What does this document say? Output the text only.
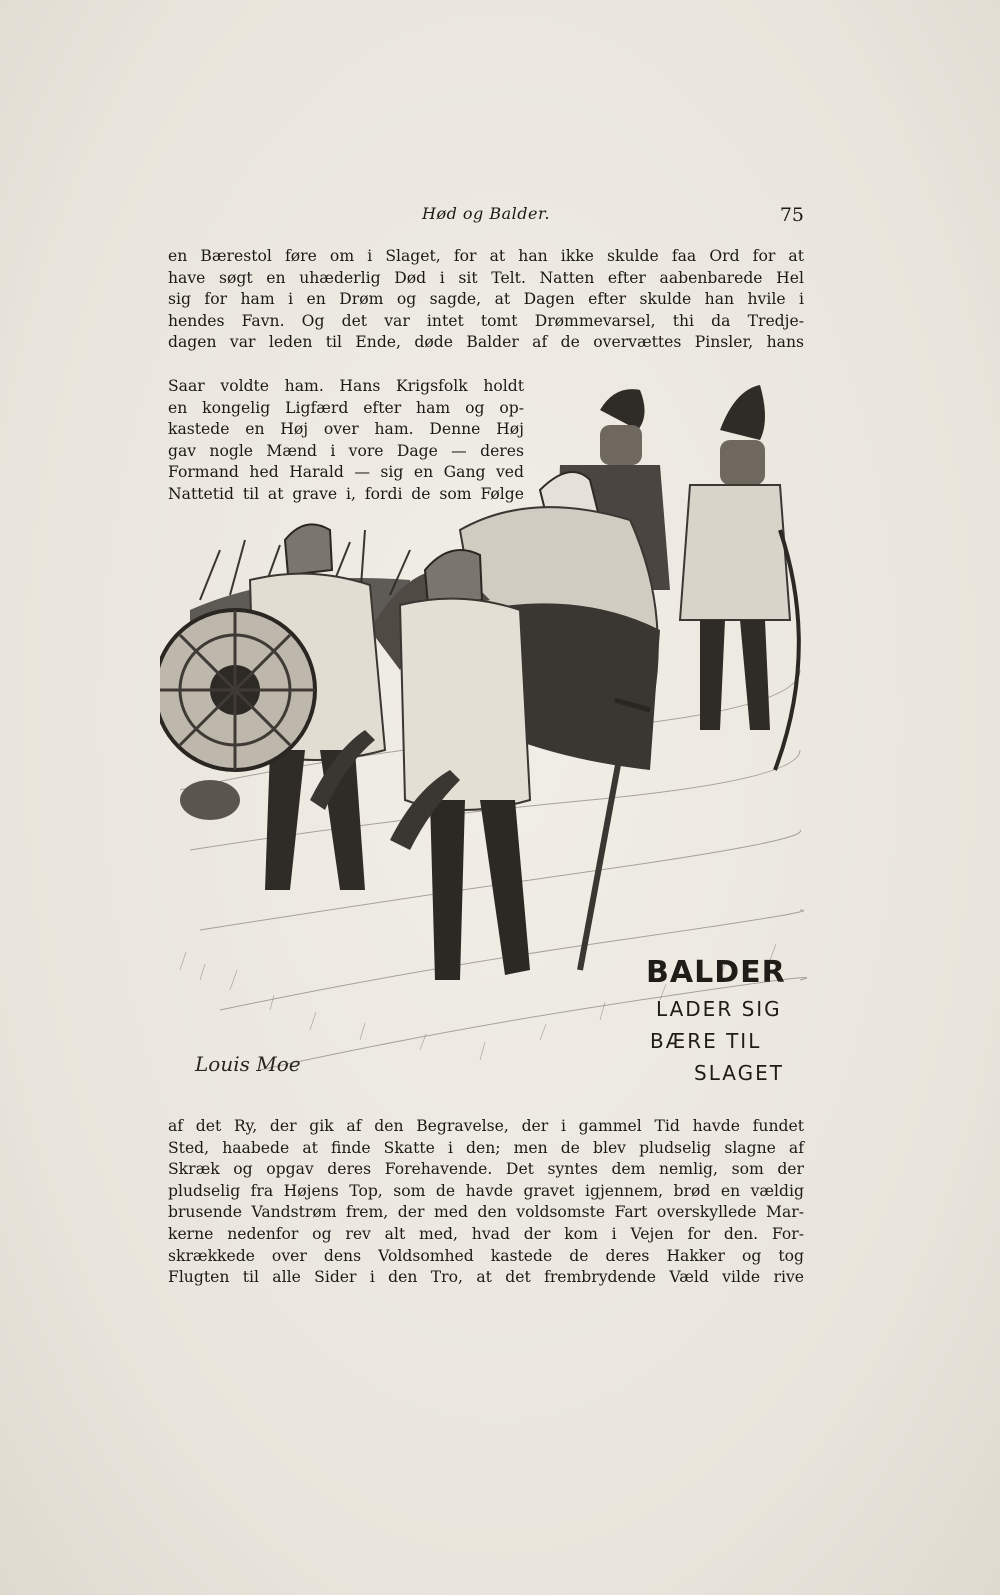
Hød og Balder.	75
en Bærestol føre om i Slaget, for at han ikke skulde faa Ord for at
have søgt en uhæderlig Død i sit Telt. Natten efter aabenbarede Hel
sig for ham i en Drøm og sagde, at Dagen efter skulde han hvile i
hendes Favn. Og det var intet tomt Drømmevarsel, thi da Tredje-
dagen var leden til Ende, døde Balder af de overvættes Pinsler, hans
Saar voldte ham. Hans Krigsfolk holdt
en kongelig Ligfærd efter ham og op-
kastede en Høj over ham. Denne Høj
gav nogle Mænd i vore Dage — deres
Formand hed Harald — sig en Gang ved
Nattetid til at grave i, fordi de som Følge
BALDER
LADER SIG
BÆRE TIL
SLAGET
Louis Moe
af det Ry, der gik af den Begravelse, der i gammel Tid havde fundet
Sted, haabede at finde Skatte i den; men de blev pludselig slagne af
Skræk og opgav deres Forehavende. Det syntes dem nemlig, som der
pludselig fra Højens Top, som de havde gravet igjennem, brød en vældig
brusende Vandstrøm frem, der med den voldsomste Fart overskyllede Mar-
kerne nedenfor og rev alt med, hvad der kom i Vejen for den. For-
skrækkede over dens Voldsomhed kastede de deres Hakker og tog
Flugten til alle Sider i den Tro, at det frembrydende Væld vilde rive
